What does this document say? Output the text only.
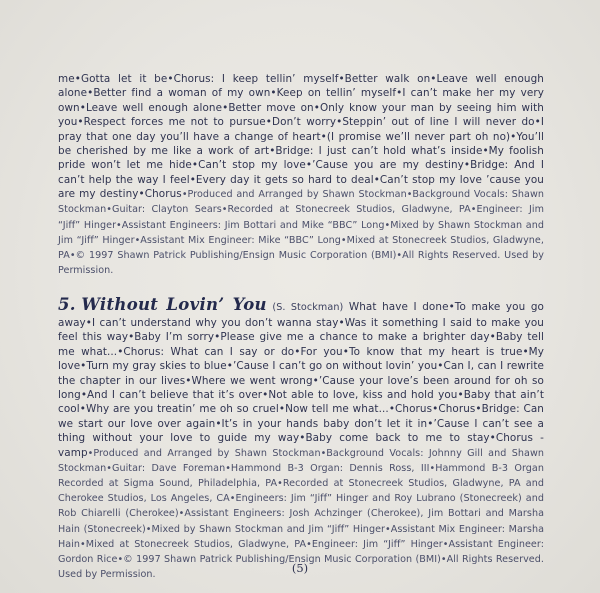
me•Gotta let it be•Chorus: I keep tellin’ myself•Better walk on•Leave well enough alone•Better find a woman of my own•Keep on tellin’ myself•I can’t make her my very own•Leave well enough alone•Better move on•Only know your man by seeing him with you•Respect forces me not to pursue•Don’t worry•Steppin’ out of line I will never do•I pray that one day you’ll have a change of heart•(I promise we’ll never part oh no)•You’ll be cherished by me like a work of art•Bridge: I just can’t hold what’s inside•My foolish pride won’t let me hide•Can’t stop my love•’Cause you are my destiny•Bridge: And I can’t help the way I feel•Every day it gets so hard to deal•Can’t stop my love ’cause you are my destiny•Chorus•Produced and Arranged by Shawn Stockman•Background Vocals: Shawn Stockman•Guitar: Clayton Sears•Recorded at Stonecreek Studios, Gladwyne, PA•Engineer: Jim “Jiff” Hinger•Assistant Engineers: Jim Bottari and Mike “BBC” Long•Mixed by Shawn Stockman and Jim “Jiff” Hinger•Assistant Mix Engineer: Mike “BBC” Long•Mixed at Stonecreek Studios, Gladwyne, PA•© 1997 Shawn Patrick Publishing/Ensign Music Corporation (BMI)•All Rights Reserved. Used by Permission.
5. Without Lovin’ You (S. Stockman) What have I done•To make you go away•I can’t understand why you don’t wanna stay•Was it something I said to make you feel this way•Baby I’m sorry•Please give me a chance to make a brighter day•Baby tell me what...•Chorus: What can I say or do•For you•To know that my heart is true•My love•Turn my gray skies to blue•’Cause I can’t go on without lovin’ you•Can I, can I rewrite the chapter in our lives•Where we went wrong•’Cause your love’s been around for oh so long•And I can’t believe that it’s over•Not able to love, kiss and hold you•Baby that ain’t cool•Why are you treatin’ me oh so cruel•Now tell me what...•Chorus•Chorus•Bridge: Can we start our love over again•It’s in your hands baby don’t let it in•’Cause I can’t see a thing without your love to guide my way•Baby come back to me to stay•Chorus - vamp•Produced and Arranged by Shawn Stockman•Background Vocals: Johnny Gill and Shawn Stockman•Guitar: Dave Foreman•Hammond B-3 Organ: Dennis Ross, III•Hammond B-3 Organ Recorded at Sigma Sound, Philadelphia, PA•Recorded at Stonecreek Studios, Gladwyne, PA and Cherokee Studios, Los Angeles, CA•Engineers: Jim “Jiff” Hinger and Roy Lubrano (Stonecreek) and Rob Chiarelli (Cherokee)•Assistant Engineers: Josh Achzinger (Cherokee), Jim Bottari and Marsha Hain (Stonecreek)•Mixed by Shawn Stockman and Jim “Jiff” Hinger•Assistant Mix Engineer: Marsha Hain•Mixed at Stonecreek Studios, Gladwyne, PA•Engineer: Jim “Jiff” Hinger•Assistant Engineer: Gordon Rice•© 1997 Shawn Patrick Publishing/Ensign Music Corporation (BMI)•All Rights Reserved. Used by Permission.	(5)
